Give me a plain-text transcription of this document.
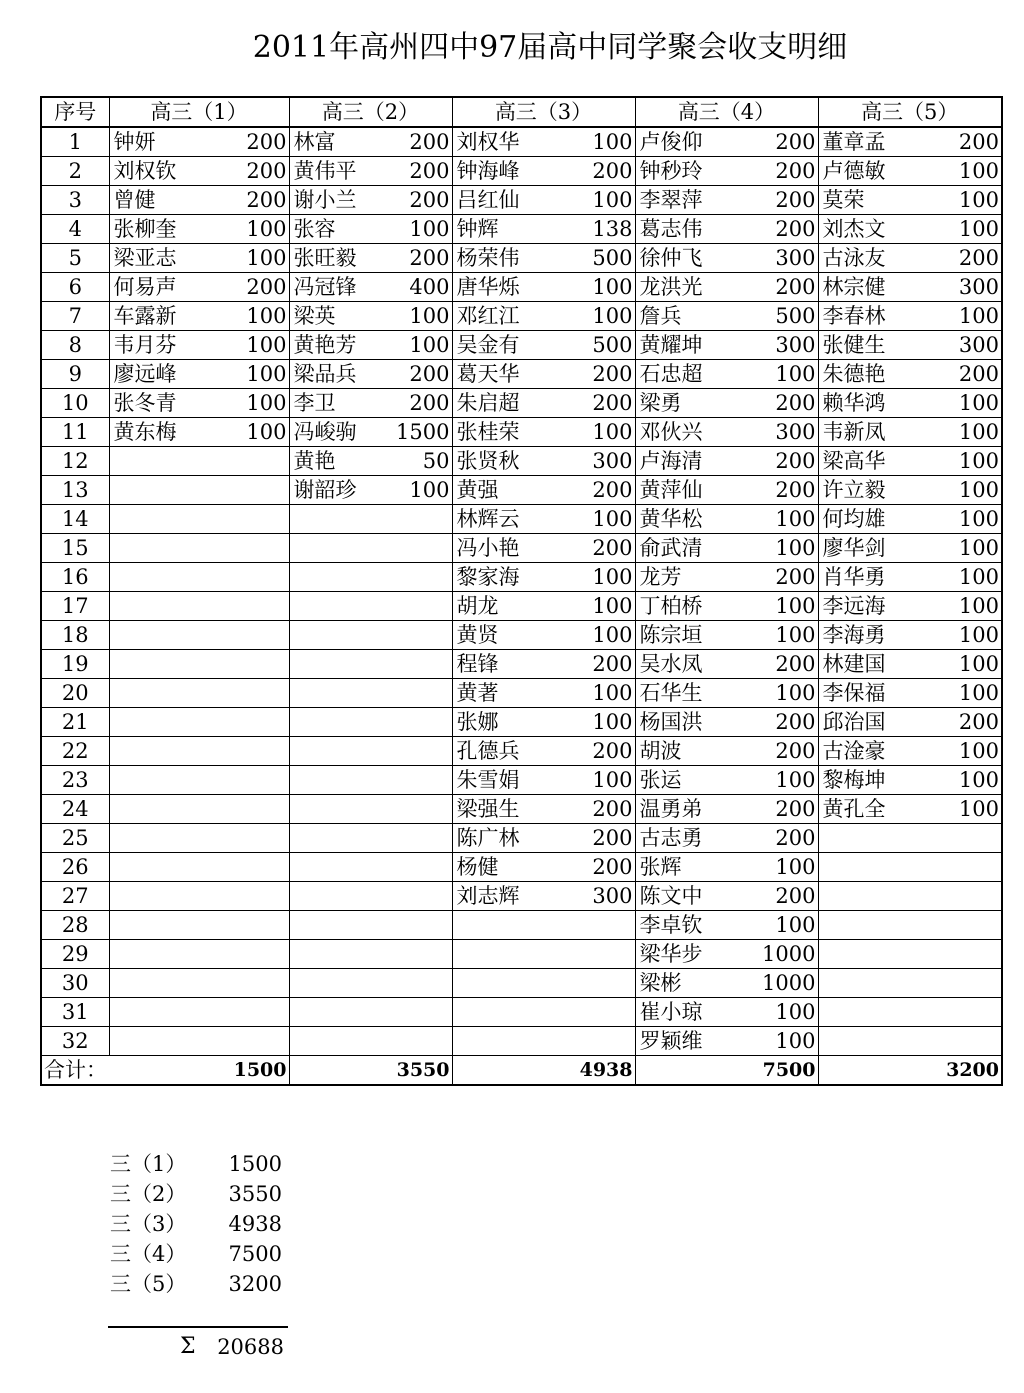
2011年高州四中97届高中同学聚会收支明细
序号	高三（1）		高三（2）		高三（3）		高三（4）		高三（5）	
1	钟妍	200	林富	200	刘权华	100	卢俊仰	200	董章孟	200
2	刘权钦	200	黄伟平	200	钟海峰	200	钟秒玲	200	卢德敏	100
3	曾健	200	谢小兰	200	吕红仙	100	李翠萍	200	莫荣	100
4	张柳奎	100	张容	100	钟辉	138	葛志伟	200	刘杰文	100
5	梁亚志	100	张旺毅	200	杨荣伟	500	徐仲飞	300	古泳友	200
6	何易声	200	冯冠锋	400	唐华烁	100	龙洪光	200	林宗健	300
7	车露新	100	梁英	100	邓红江	100	詹兵	500	李春林	100
8	韦月芬	100	黄艳芳	100	吴金有	500	黄耀坤	300	张健生	300
9	廖远峰	100	梁品兵	200	葛天华	200	石忠超	100	朱德艳	200
10	张冬青	100	李卫	200	朱启超	200	梁勇	200	赖华鸿	100
11	黄东梅	100	冯峻驹	1500	张桂荣	100	邓伙兴	300	韦新凤	100
12			黄艳	50	张贤秋	300	卢海清	200	梁高华	100
13			谢韶珍	100	黄强	200	黄萍仙	200	许立毅	100
14					林辉云	100	黄华松	100	何均雄	100
15					冯小艳	200	俞武清	100	廖华剑	100
16					黎家海	100	龙芳	200	肖华勇	100
17					胡龙	100	丁柏桥	100	李远海	100
18					黄贤	100	陈宗垣	100	李海勇	100
19					程锋	200	吴水凤	200	林建国	100
20					黄著	100	石华生	100	李保福	100
21					张娜	100	杨国洪	200	邱治国	200
22					孔德兵	200	胡波	200	古淦豪	100
23					朱雪娟	100	张运	100	黎梅坤	100
24					梁强生	200	温勇弟	200	黄孔全	100
25					陈广林	200	古志勇	200		
26					杨健	200	张辉	100		
27					刘志辉	300	陈文中	200		
28							李卓钦	100		
29							梁华步	1000		
30							梁彬	1000		
31							崔小琼	100		
32							罗颖维	100		
合计：		1500		3550		4938		7500		3200
三（1）	1500
三（2）	3550
三（3）	4938
三（4）	7500
三（5）	3200
Σ 20688
